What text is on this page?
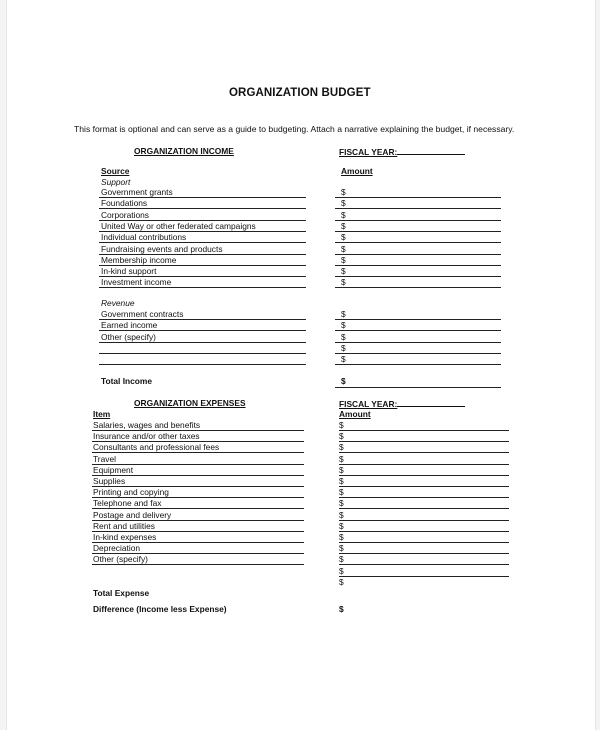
ORGANIZATION BUDGET
This format is optional and can serve as a guide to budgeting. Attach a narrative explaining the budget, if necessary.
ORGANIZATION INCOME	FISCAL YEAR:
Source	Amount
Support
Government grants	$
Foundations	$
Corporations	$
United Way or other federated campaigns	$
Individual contributions	$
Fundraising events and products	$
Membership income	$
In-kind support	$
Investment income	$
Revenue
Government contracts	$
Earned income	$
Other (specify)	$
$
$
Total Income	$
ORGANIZATION EXPENSES	FISCAL YEAR:
Item	Amount
Salaries, wages and benefits	$
Insurance and/or other taxes	$
Consultants and professional fees	$
Travel	$
Equipment	$
Supplies	$
Printing and copying	$
Telephone and fax	$
Postage and delivery	$
Rent and utilities	$
In-kind expenses	$
Depreciation	$
Other (specify)	$
$
$
Total Expense
Difference (Income less Expense)	$
